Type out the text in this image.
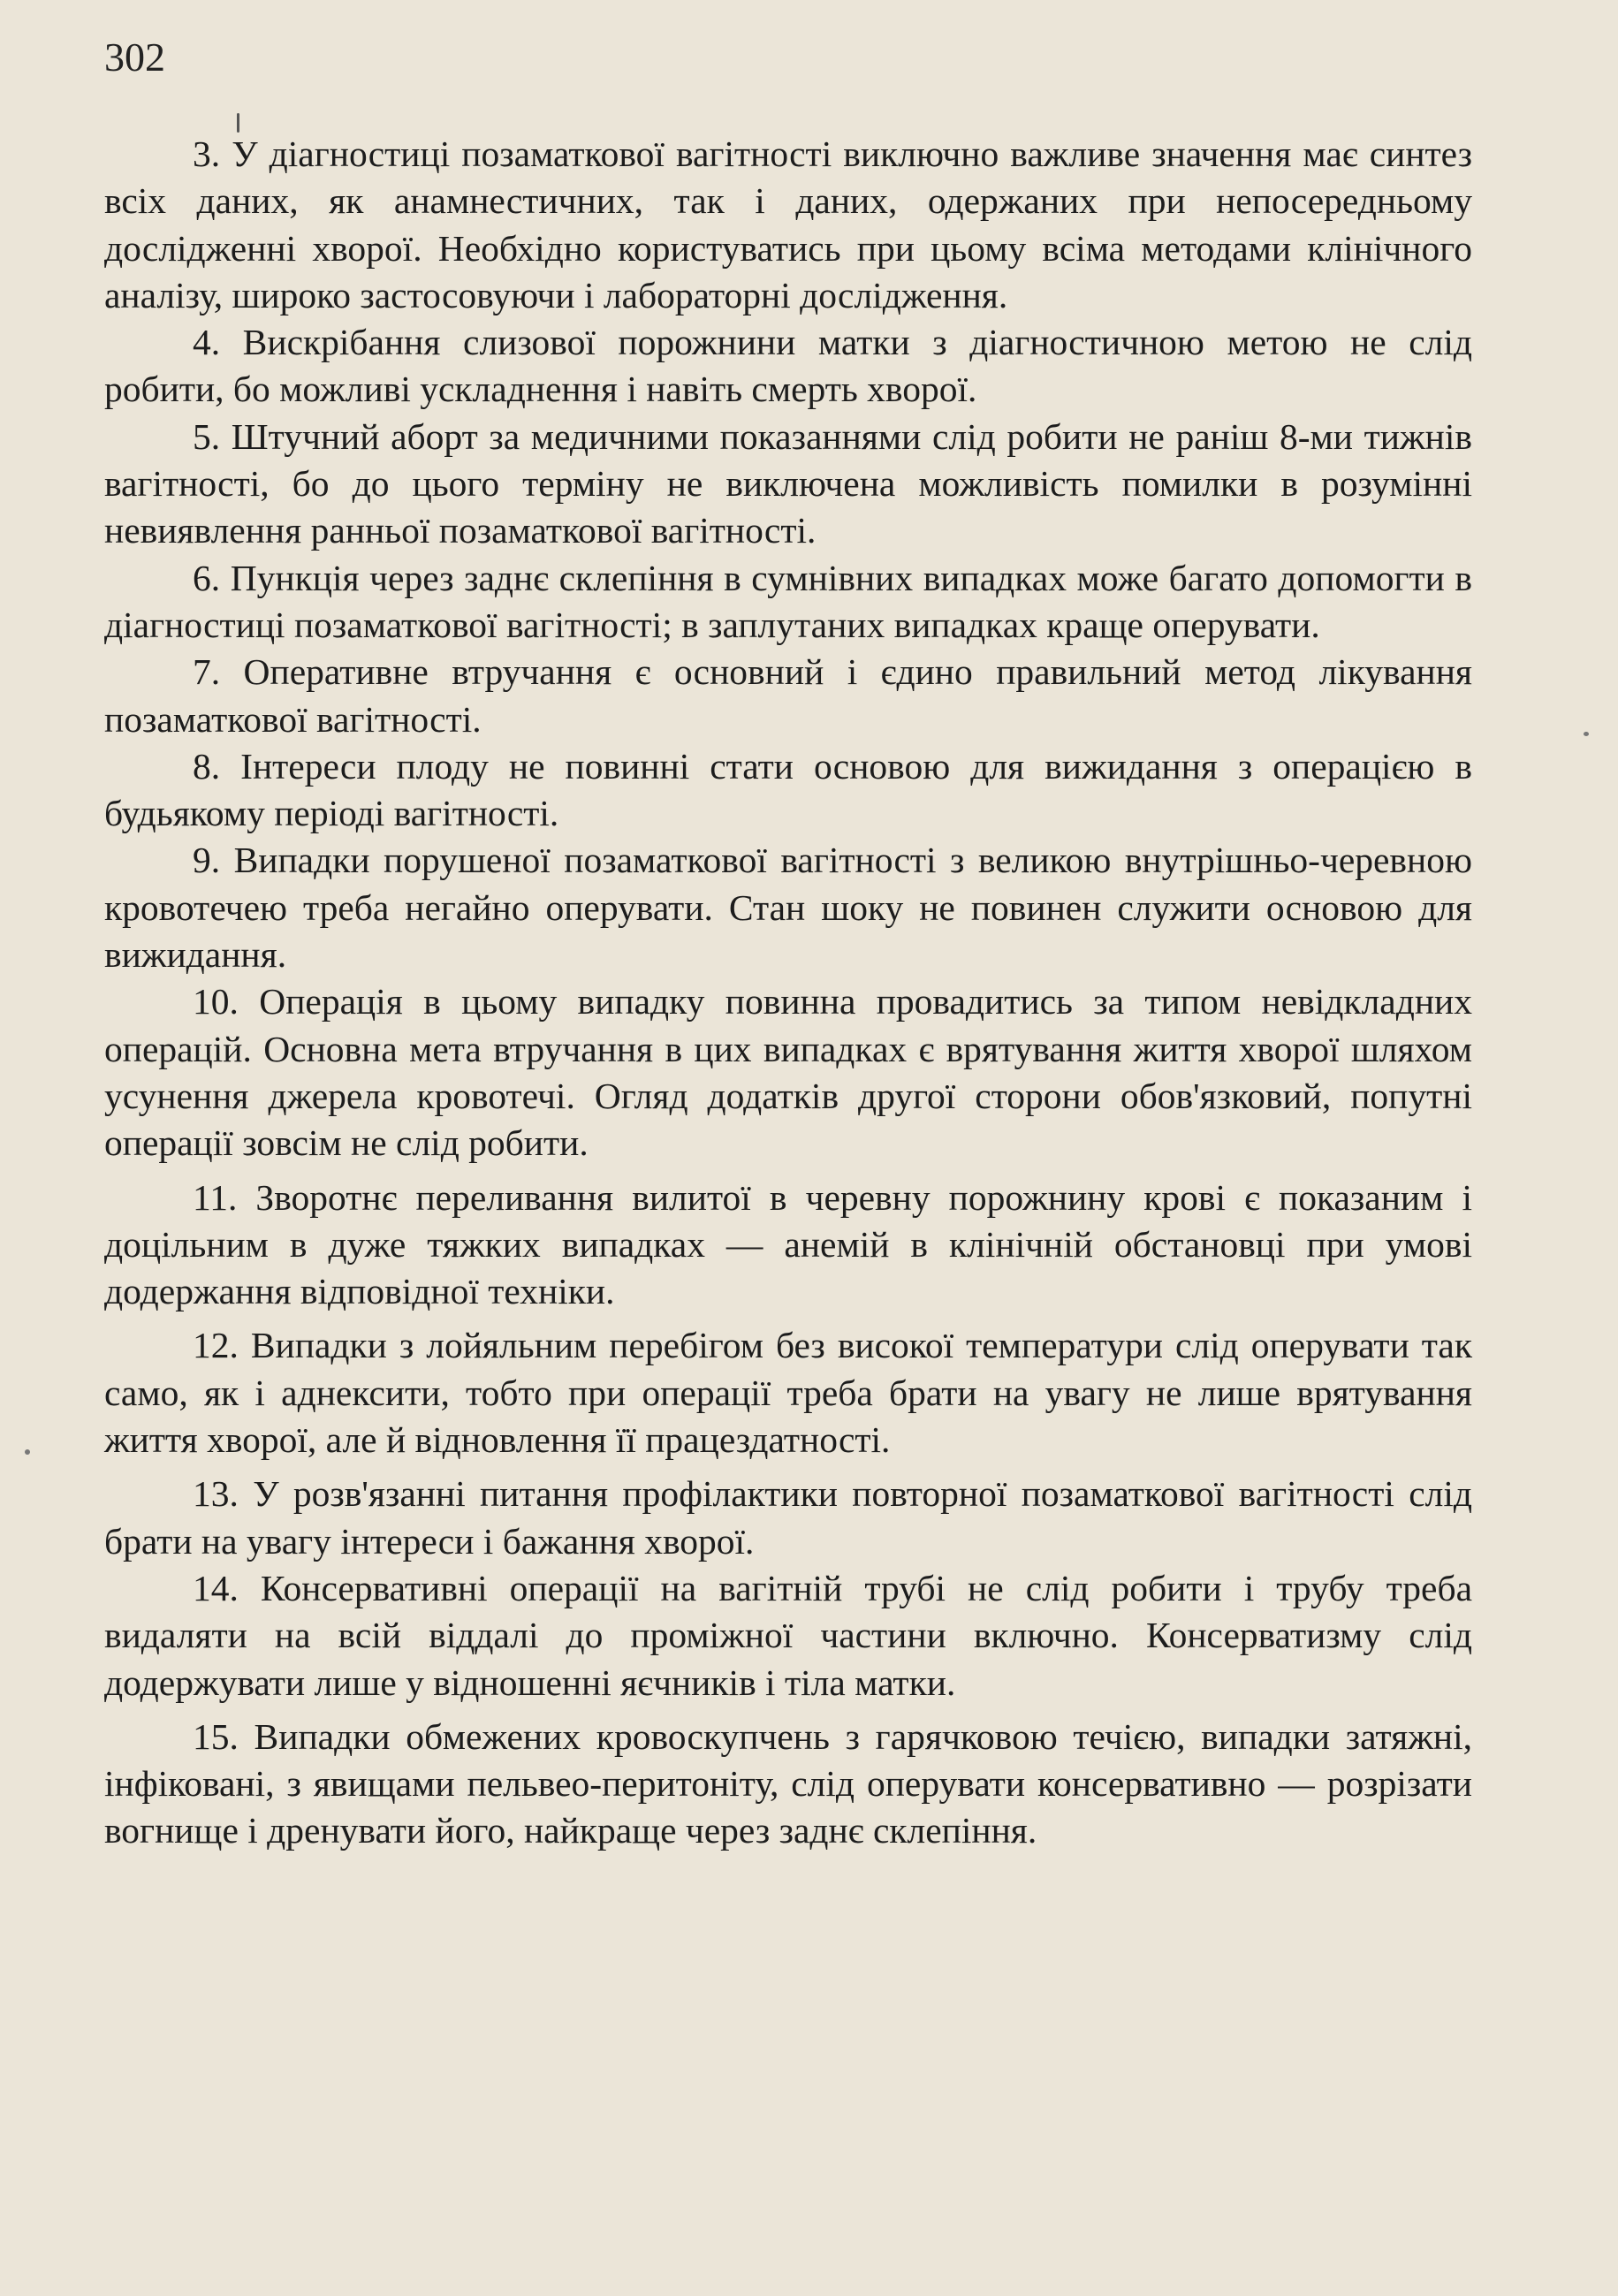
302

3. У діагностиці позаматкової вагітності виключно важливе значення має синтез всіх даних, як анамнестичних, так і даних, одержаних при непосередньому дослідженні хворої. Необхідно користуватись при цьому всіма методами клінічного аналізу, широко застосовуючи і лабораторні дослідження.

4. Вискрібання слизової порожнини матки з діагностичною метою не слід робити, бо можливі ускладнення і навіть смерть хворої.

5. Штучний аборт за медичними показаннями слід робити не раніш 8-ми тижнів вагітності, бо до цього терміну не виключена можливість помилки в розумінні невиявлення ранньої позаматкової вагітності.

6. Пункція через заднє склепіння в сумнівних випадках може багато допомогти в діагностиці позаматкової вагітності; в заплутаних випадках краще оперувати.

7. Оперативне втручання є основний і єдино правильний метод лікування позаматкової вагітності.

8. Інтереси плоду не повинні стати основою для вижидання з операцією в будьякому періоді вагітності.

9. Випадки порушеної позаматкової вагітності з великою внутрішньо-черевною кровотечею треба негайно оперувати. Стан шоку не повинен служити основою для вижидання.

10. Операція в цьому випадку повинна провадитись за типом невідкладних операцій. Основна мета втручання в цих випадках є врятування життя хворої шляхом усунення джерела кровотечі. Огляд додатків другої сторони обов'язковий, попутні операції зовсім не слід робити.

11. Зворотнє переливання вилитої в черевну порожнину крові є показаним і доцільним в дуже тяжких випадках — анемій в клінічній обстановці при умові додержання відповідної техніки.

12. Випадки з лойяльним перебігом без високої температури слід оперувати так само, як і аднексити, тобто при операції треба брати на увагу не лише врятування життя хворої, але й відновлення її працездатності.

13. У розв'язанні питання профілактики повторної позаматкової вагітності слід брати на увагу інтереси і бажання хворої.

14. Консервативні операції на вагітній трубі не слід робити і трубу треба видаляти на всій віддалі до проміжної частини включно. Консерватизму слід додержувати лише у відношенні яєчників і тіла матки.

15. Випадки обмежених кровоскупчень з гарячковою течією, випадки затяжні, інфіковані, з явищами пельвео-перитоніту, слід оперувати консервативно — розрізати вогнище і дренувати його, найкраще через заднє склепіння.
